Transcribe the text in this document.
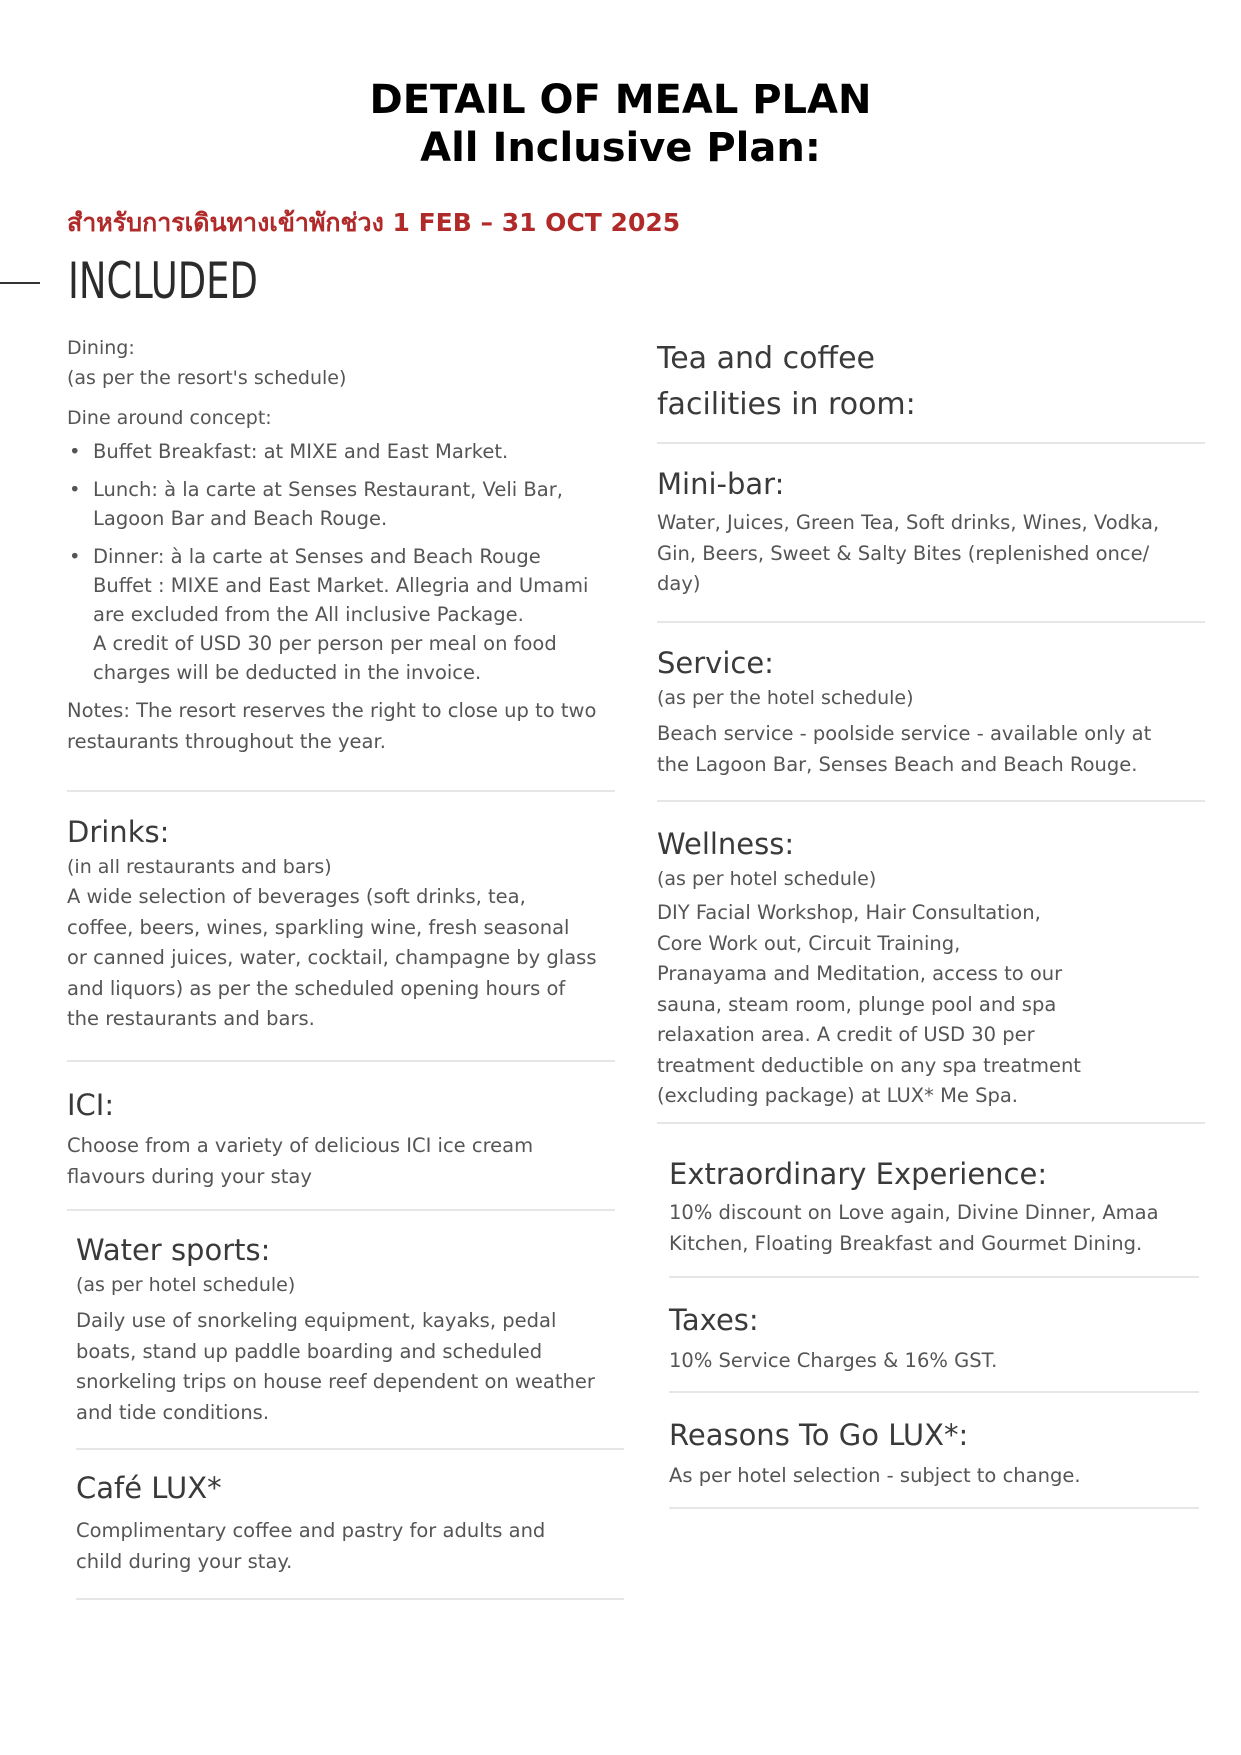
DETAIL OF MEAL PLAN
All Inclusive Plan:
สำหรับการเดินทางเข้าพักช่วง 1 FEB – 31 OCT 2025
INCLUDED
Dining:
(as per the resort's schedule)
Dine around concept:
• Buffet Breakfast: at MIXE and East Market.
• Lunch: à la carte at Senses Restaurant, Veli Bar,
Lagoon Bar and Beach Rouge.
• Dinner: à la carte at Senses and Beach Rouge
Buffet : MIXE and East Market. Allegria and Umami
are excluded from the All inclusive Package.
A credit of USD 30 per person per meal on food
charges will be deducted in the invoice.

Notes: The resort reserves the right to close up to two
restaurants throughout the year.

Drinks:
(in all restaurants and bars)

A wide selection of beverages (soft drinks, tea,
coffee, beers, wines, sparkling wine, fresh seasonal
or canned juices, water, cocktail, champagne by glass
and liquors) as per the scheduled opening hours of
the restaurants and bars.

ICI:

Choose from a variety of delicious ICI ice cream
flavours during your stay

Water sports:
(as per hotel schedule)

Daily use of snorkeling equipment, kayaks, pedal
boats, stand up paddle boarding and scheduled
snorkeling trips on house reef dependent on weather
and tide conditions.

Café LUX*

Complimentary coffee and pastry for adults and
child during your stay.

Tea and coffee
facilities in room:
Mini-bar:

Water, Juices, Green Tea, Soft drinks, Wines, Vodka,
Gin, Beers, Sweet & Salty Bites (replenished once/
day)

Service:
(as per the hotel schedule)

Beach service - poolside service - available only at
the Lagoon Bar, Senses Beach and Beach Rouge.

Wellness:
(as per hotel schedule)

DIY Facial Workshop, Hair Consultation,
Core Work out, Circuit Training,
Pranayama and Meditation, access to our
sauna, steam room, plunge pool and spa
relaxation area. A credit of USD 30 per
treatment deductible on any spa treatment
(excluding package) at LUX* Me Spa.

Extraordinary Experience:

10% discount on Love again, Divine Dinner, Amaa
Kitchen, Floating Breakfast and Gourmet Dining.

Taxes:

10% Service Charges & 16% GST.

Reasons To Go LUX*:

As per hotel selection - subject to change.
